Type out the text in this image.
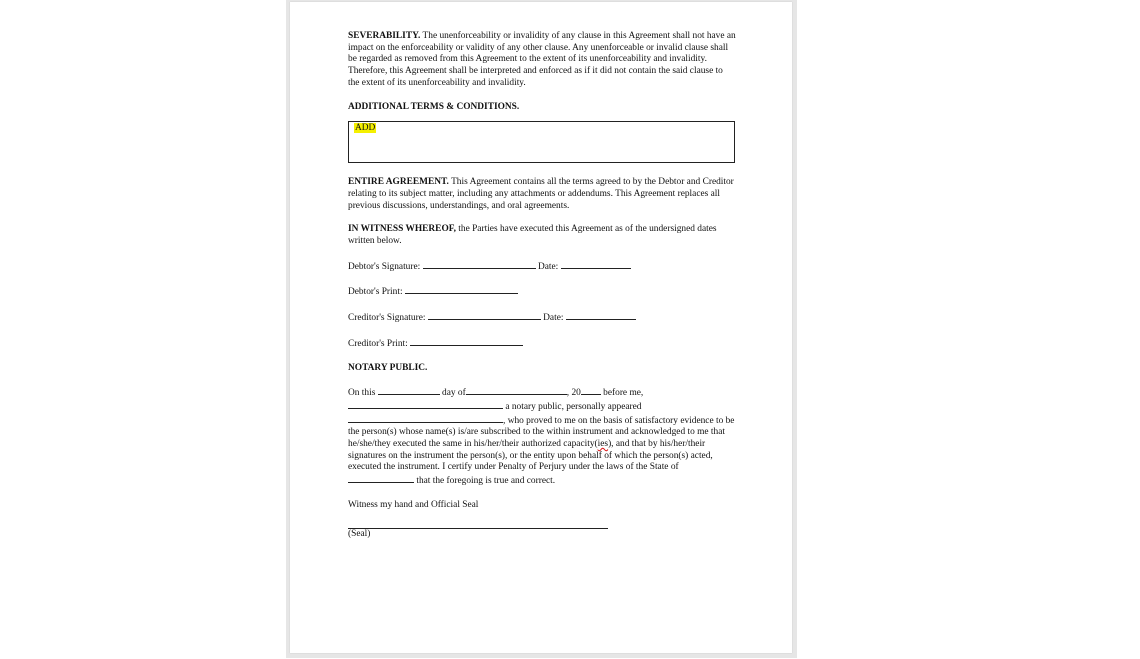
SEVERABILITY. The unenforceability or invalidity of any clause in this Agreement shall not have an impact on the enforceability or validity of any other clause. Any unenforceable or invalid clause shall be regarded as removed from this Agreement to the extent of its unenforceability and invalidity. Therefore, this Agreement shall be interpreted and enforced as if it did not contain the said clause to the extent of its unenforceability and invalidity.

ADDITIONAL TERMS & CONDITIONS.

ADD

ENTIRE AGREEMENT. This Agreement contains all the terms agreed to by the Debtor and Creditor relating to its subject matter, including any attachments or addendums. This Agreement replaces all previous discussions, understandings, and oral agreements.

IN WITNESS WHEREOF, the Parties have executed this Agreement as of the undersigned dates written below.

Debtor's Signature:	Date:

Debtor's Print:

Creditor's Signature:	Date:

Creditor's Print:

NOTARY PUBLIC.

On this	day of	, 20 before me,
a notary public, personally appeared
, who proved to me on the basis of satisfactory evidence to be the person(s) whose name(s) is/are subscribed to the within instrument and acknowledged to me that he/she/they executed the same in his/her/their authorized capacity(ies), and that by his/her/their signatures on the instrument the person(s), or the entity upon behalf of which the person(s) acted, executed the instrument. I certify under Penalty of Perjury under the laws of the State of  that the foregoing is true and correct.

Witness my hand and Official Seal

(Seal)
